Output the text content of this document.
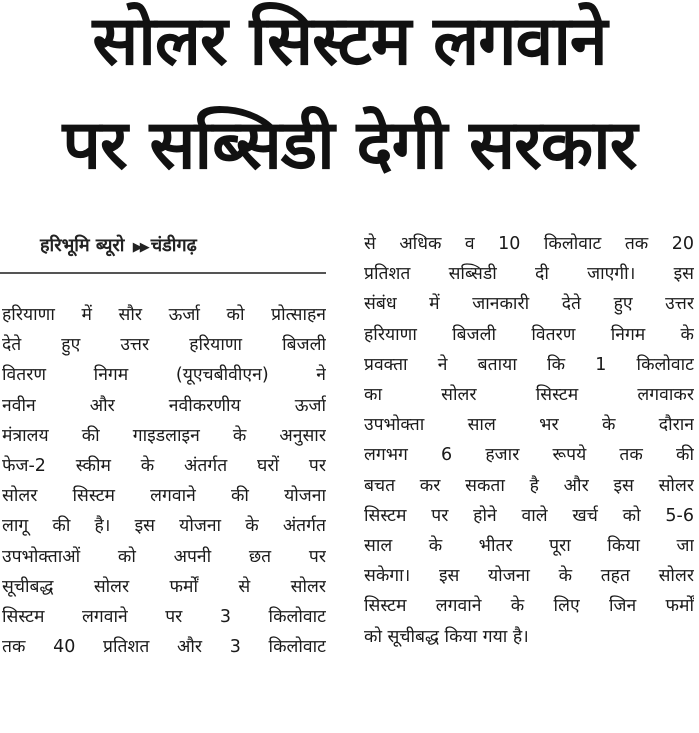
सोलर सिस्टम लगवाने
पर सब्सिडी देगी सरकार
हरिभूमि ब्यूरो ▶▶ चंडीगढ़
हरियाणा में सौर ऊर्जा को प्रोत्साहन
देते हुए उत्तर हरियाणा बिजली
वितरण निगम (यूएचबीवीएन) ने
नवीन और नवीकरणीय ऊर्जा
मंत्रालय की गाइडलाइन के अनुसार
फेज-2 स्कीम के अंतर्गत घरों पर
सोलर सिस्टम लगवाने की योजना
लागू की है। इस योजना के अंतर्गत
उपभोक्ताओं को अपनी छत पर
सूचीबद्ध सोलर फर्मों से सोलर
सिस्टम लगवाने पर 3 किलोवाट
तक 40 प्रतिशत और 3 किलोवाट
से अधिक व 10 किलोवाट तक 20
प्रतिशत सब्सिडी दी जाएगी। इस
संबंध में जानकारी देते हुए उत्तर
हरियाणा बिजली वितरण निगम के
प्रवक्ता ने बताया कि 1 किलोवाट
का सोलर सिस्टम लगवाकर
उपभोक्ता साल भर के दौरान
लगभग 6 हजार रूपये तक की
बचत कर सकता है और इस सोलर
सिस्टम पर होने वाले खर्च को 5-6
साल के भीतर पूरा किया जा
सकेगा। इस योजना के तहत सोलर
सिस्टम लगवाने के लिए जिन फर्मों
को सूचीबद्ध किया गया है।
